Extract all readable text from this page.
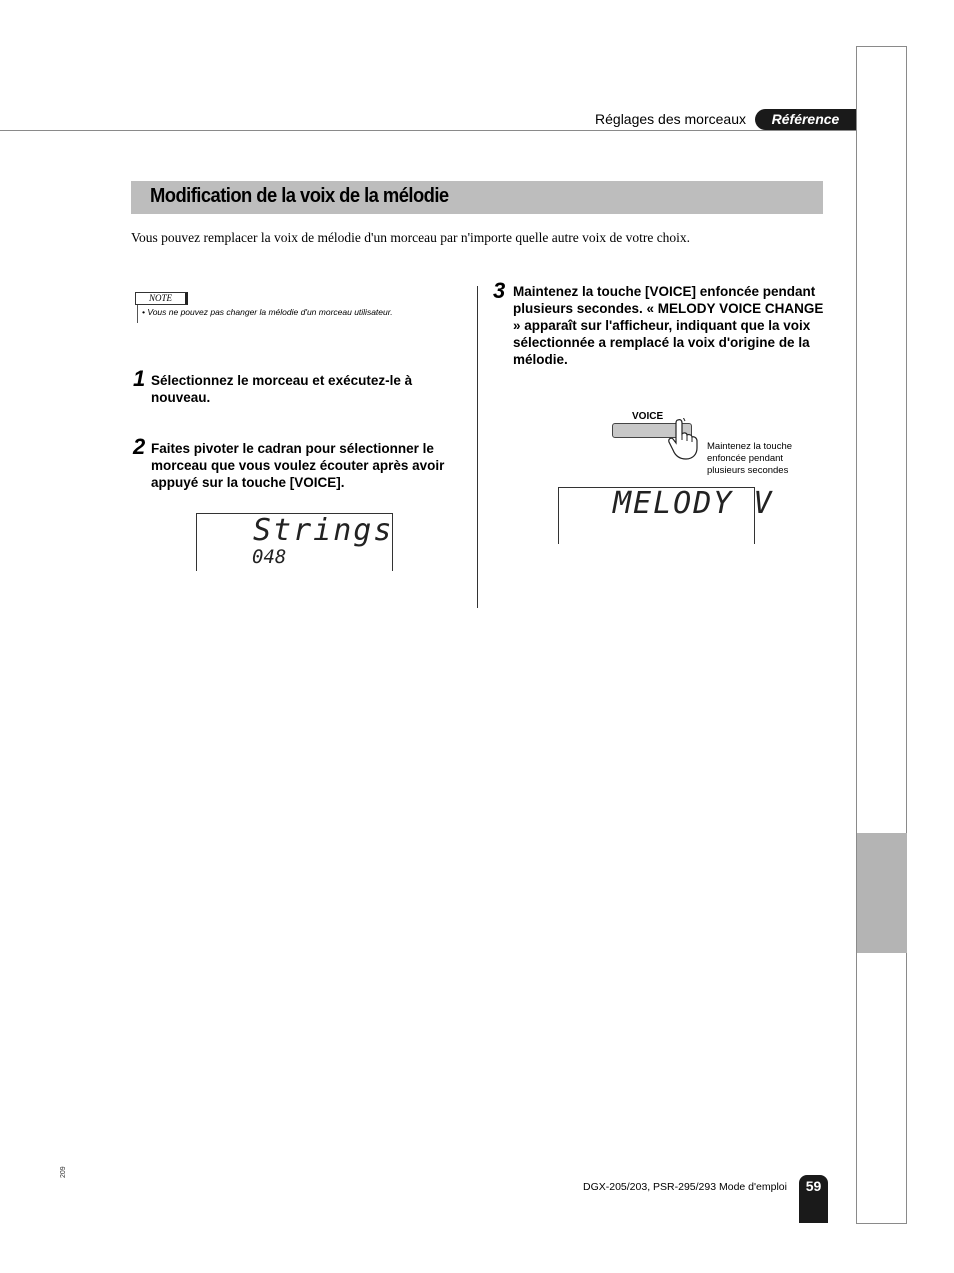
Réglages des morceaux	Référence
Modification de la voix de la mélodie
Vous pouvez remplacer la voix de mélodie d'un morceau par n'importe quelle autre voix de votre choix.
NOTE
• Vous ne pouvez pas changer la mélodie d'un morceau utilisateur.
1 Sélectionnez le morceau et exécutez-le à nouveau.
2 Faites pivoter le cadran pour sélectionner le morceau que vous voulez écouter après avoir appuyé sur la touche [VOICE].
3 Maintenez la touche [VOICE] enfoncée pendant plusieurs secondes. « MELODY VOICE CHANGE » apparaît sur l'afficheur, indiquant que la voix sélectionnée a remplacé la voix d'origine de la mélodie.
Strings
048
VOICE
Maintenez la touche enfoncée pendant plusieurs secondes
MELODY V
209
DGX-205/203, PSR-295/293 Mode d'emploi	59
